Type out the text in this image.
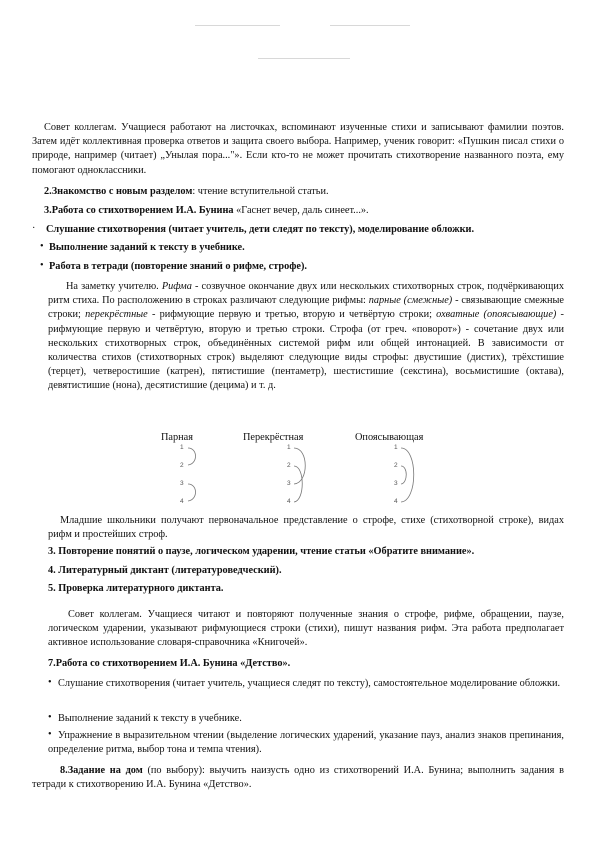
Совет коллегам. Учащиеся работают на листочках, вспоминают изученные стихи и записывают фамилии поэтов. Затем идёт коллективная проверка ответов и защита своего выбора. Например, ученик говорит: «Пушкин писал стихи о природе, например (читает) „Унылая пора..."». Если кто-то не может прочитать стихотворение названного поэта, ему помогают одноклассники.

2.Знакомство с новым разделом: чтение вступительной статьи.

3.Работа со стихотворением И.А. Бунина «Гаснет вечер, даль синеет...».

· Слушание стихотворения (читает учитель, дети следят по тексту), моделирование обложки.

• Выполнение заданий к тексту в учебнике.

• Работа в тетради (повторение знаний о рифме, строфе).

На заметку учителю. Рифма - созвучное окончание двух или нескольких стихотворных строк, подчёркивающих ритм стиха. По расположению в строках различают следующие рифмы: парные (смежные) - связывающие смежные строки; перекрёстные - рифмующие первую и третью, вторую и четвёртую строки; охватные (опоясывающие) - рифмующие первую и четвёртую, вторую и третью строки. Строфа (от греч. «поворот») - сочетание двух или нескольких стихотворных строк, объединённых системой рифм или общей интонацией. В зависимости от количества стихов (стихотворных строк) выделяют следующие виды строфы: двустишие (дистих), трёхстишие (терцет), четверостишие (катрен), пятистишие (пентаметр), шестистишие (секстина), восьмистишие (октава), девятистишие (нона), десятистишие (децима) и т. д.

Парная	Перекрёстная	Опоясывающая
1
2
3
4
1
2
3
4
1
2
3
4

Младшие школьники получают первоначальное представление о строфе, стихе (стихотворной строке), видах рифм и простейших строф.

3. Повторение понятий о паузе, логическом ударении, чтение статьи «Обратите внимание».

4. Литературный диктант (литературоведческий).

5. Проверка литературного диктанта.

Совет коллегам. Учащиеся читают и повторяют полученные знания о строфе, рифме, обращении, паузе, логическом ударении, указывают рифмующиеся строки (стихи), пишут названия рифм. Эта работа предполагает активное использование словаря-справочника «Книгочей».

7.Работа со стихотворением И.А. Бунина «Детство».

• Слушание стихотворения (читает учитель, учащиеся следят по тексту), самостоятельное моделирование обложки.

• Выполнение заданий к тексту в учебнике.

• Упражнение в выразительном чтении (выделение логических ударений, указание пауз, анализ знаков препинания, определение ритма, выбор тона и темпа чтения).

8.Задание на дом (по выбору): выучить наизусть одно из стихотворений И.А. Бунина; выполнить задания в тетради к стихотворению И.А. Бунина «Детство».
